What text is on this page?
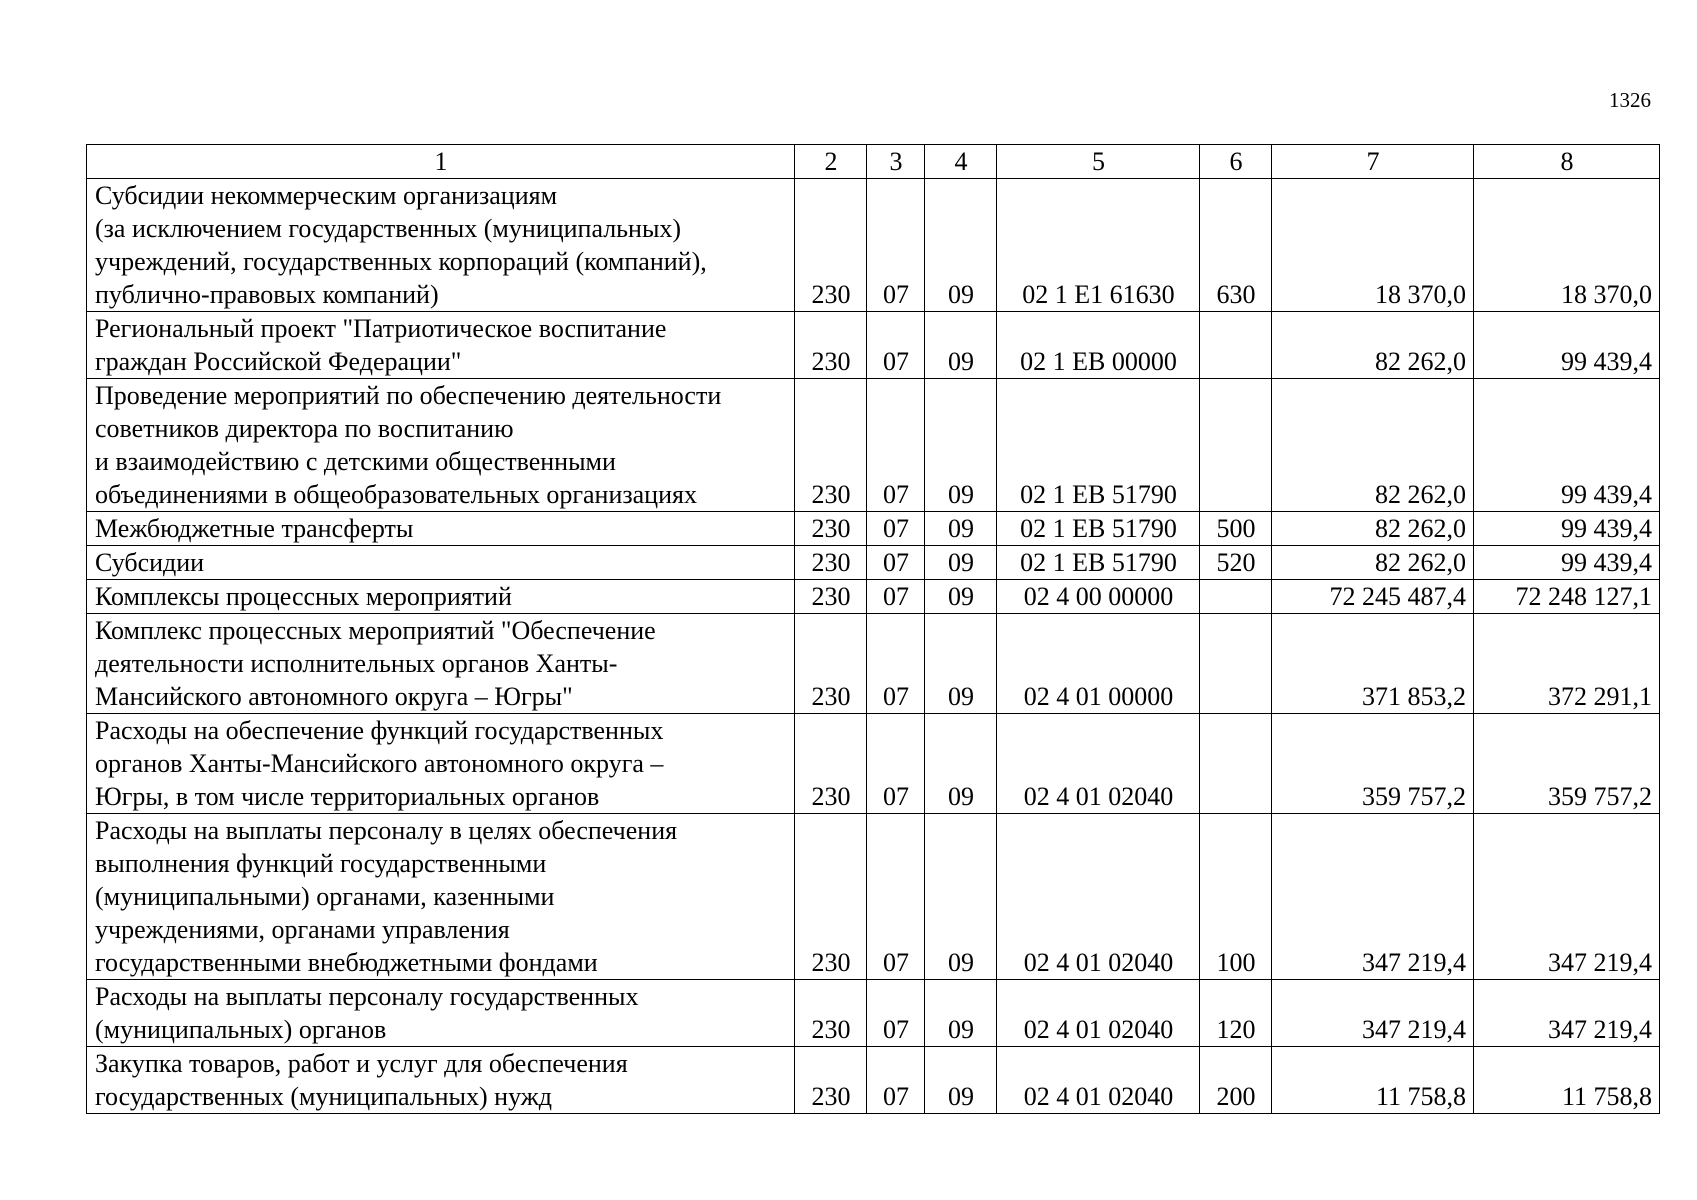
1326
1	2	3	4	5	6	7	8
Субсидии некоммерческим организациям
(за исключением государственных (муниципальных)
учреждений, государственных корпораций (компаний),
публично-правовых компаний)	230	07	09	02 1 Е1 61630	630	18 370,0	18 370,0
Региональный проект "Патриотическое воспитание
граждан Российской Федерации"	230	07	09	02 1 ЕВ 00000		82 262,0	99 439,4
Проведение мероприятий по обеспечению деятельности
советников директора по воспитанию
и взаимодействию с детскими общественными
объединениями в общеобразовательных организациях	230	07	09	02 1 ЕВ 51790		82 262,0	99 439,4
Межбюджетные трансферты	230	07	09	02 1 ЕВ 51790	500	82 262,0	99 439,4
Субсидии	230	07	09	02 1 ЕВ 51790	520	82 262,0	99 439,4
Комплексы процессных мероприятий	230	07	09	02 4 00 00000		72 245 487,4	72 248 127,1
Комплекс процессных мероприятий "Обеспечение
деятельности исполнительных органов Ханты-
Мансийского автономного округа – Югры"	230	07	09	02 4 01 00000		371 853,2	372 291,1
Расходы на обеспечение функций государственных
органов Ханты-Мансийского автономного округа –
Югры, в том числе территориальных органов	230	07	09	02 4 01 02040		359 757,2	359 757,2
Расходы на выплаты персоналу в целях обеспечения
выполнения функций государственными
(муниципальными) органами, казенными
учреждениями, органами управления
государственными внебюджетными фондами	230	07	09	02 4 01 02040	100	347 219,4	347 219,4
Расходы на выплаты персоналу государственных
(муниципальных) органов	230	07	09	02 4 01 02040	120	347 219,4	347 219,4
Закупка товаров, работ и услуг для обеспечения
государственных (муниципальных) нужд	230	07	09	02 4 01 02040	200	11 758,8	11 758,8
